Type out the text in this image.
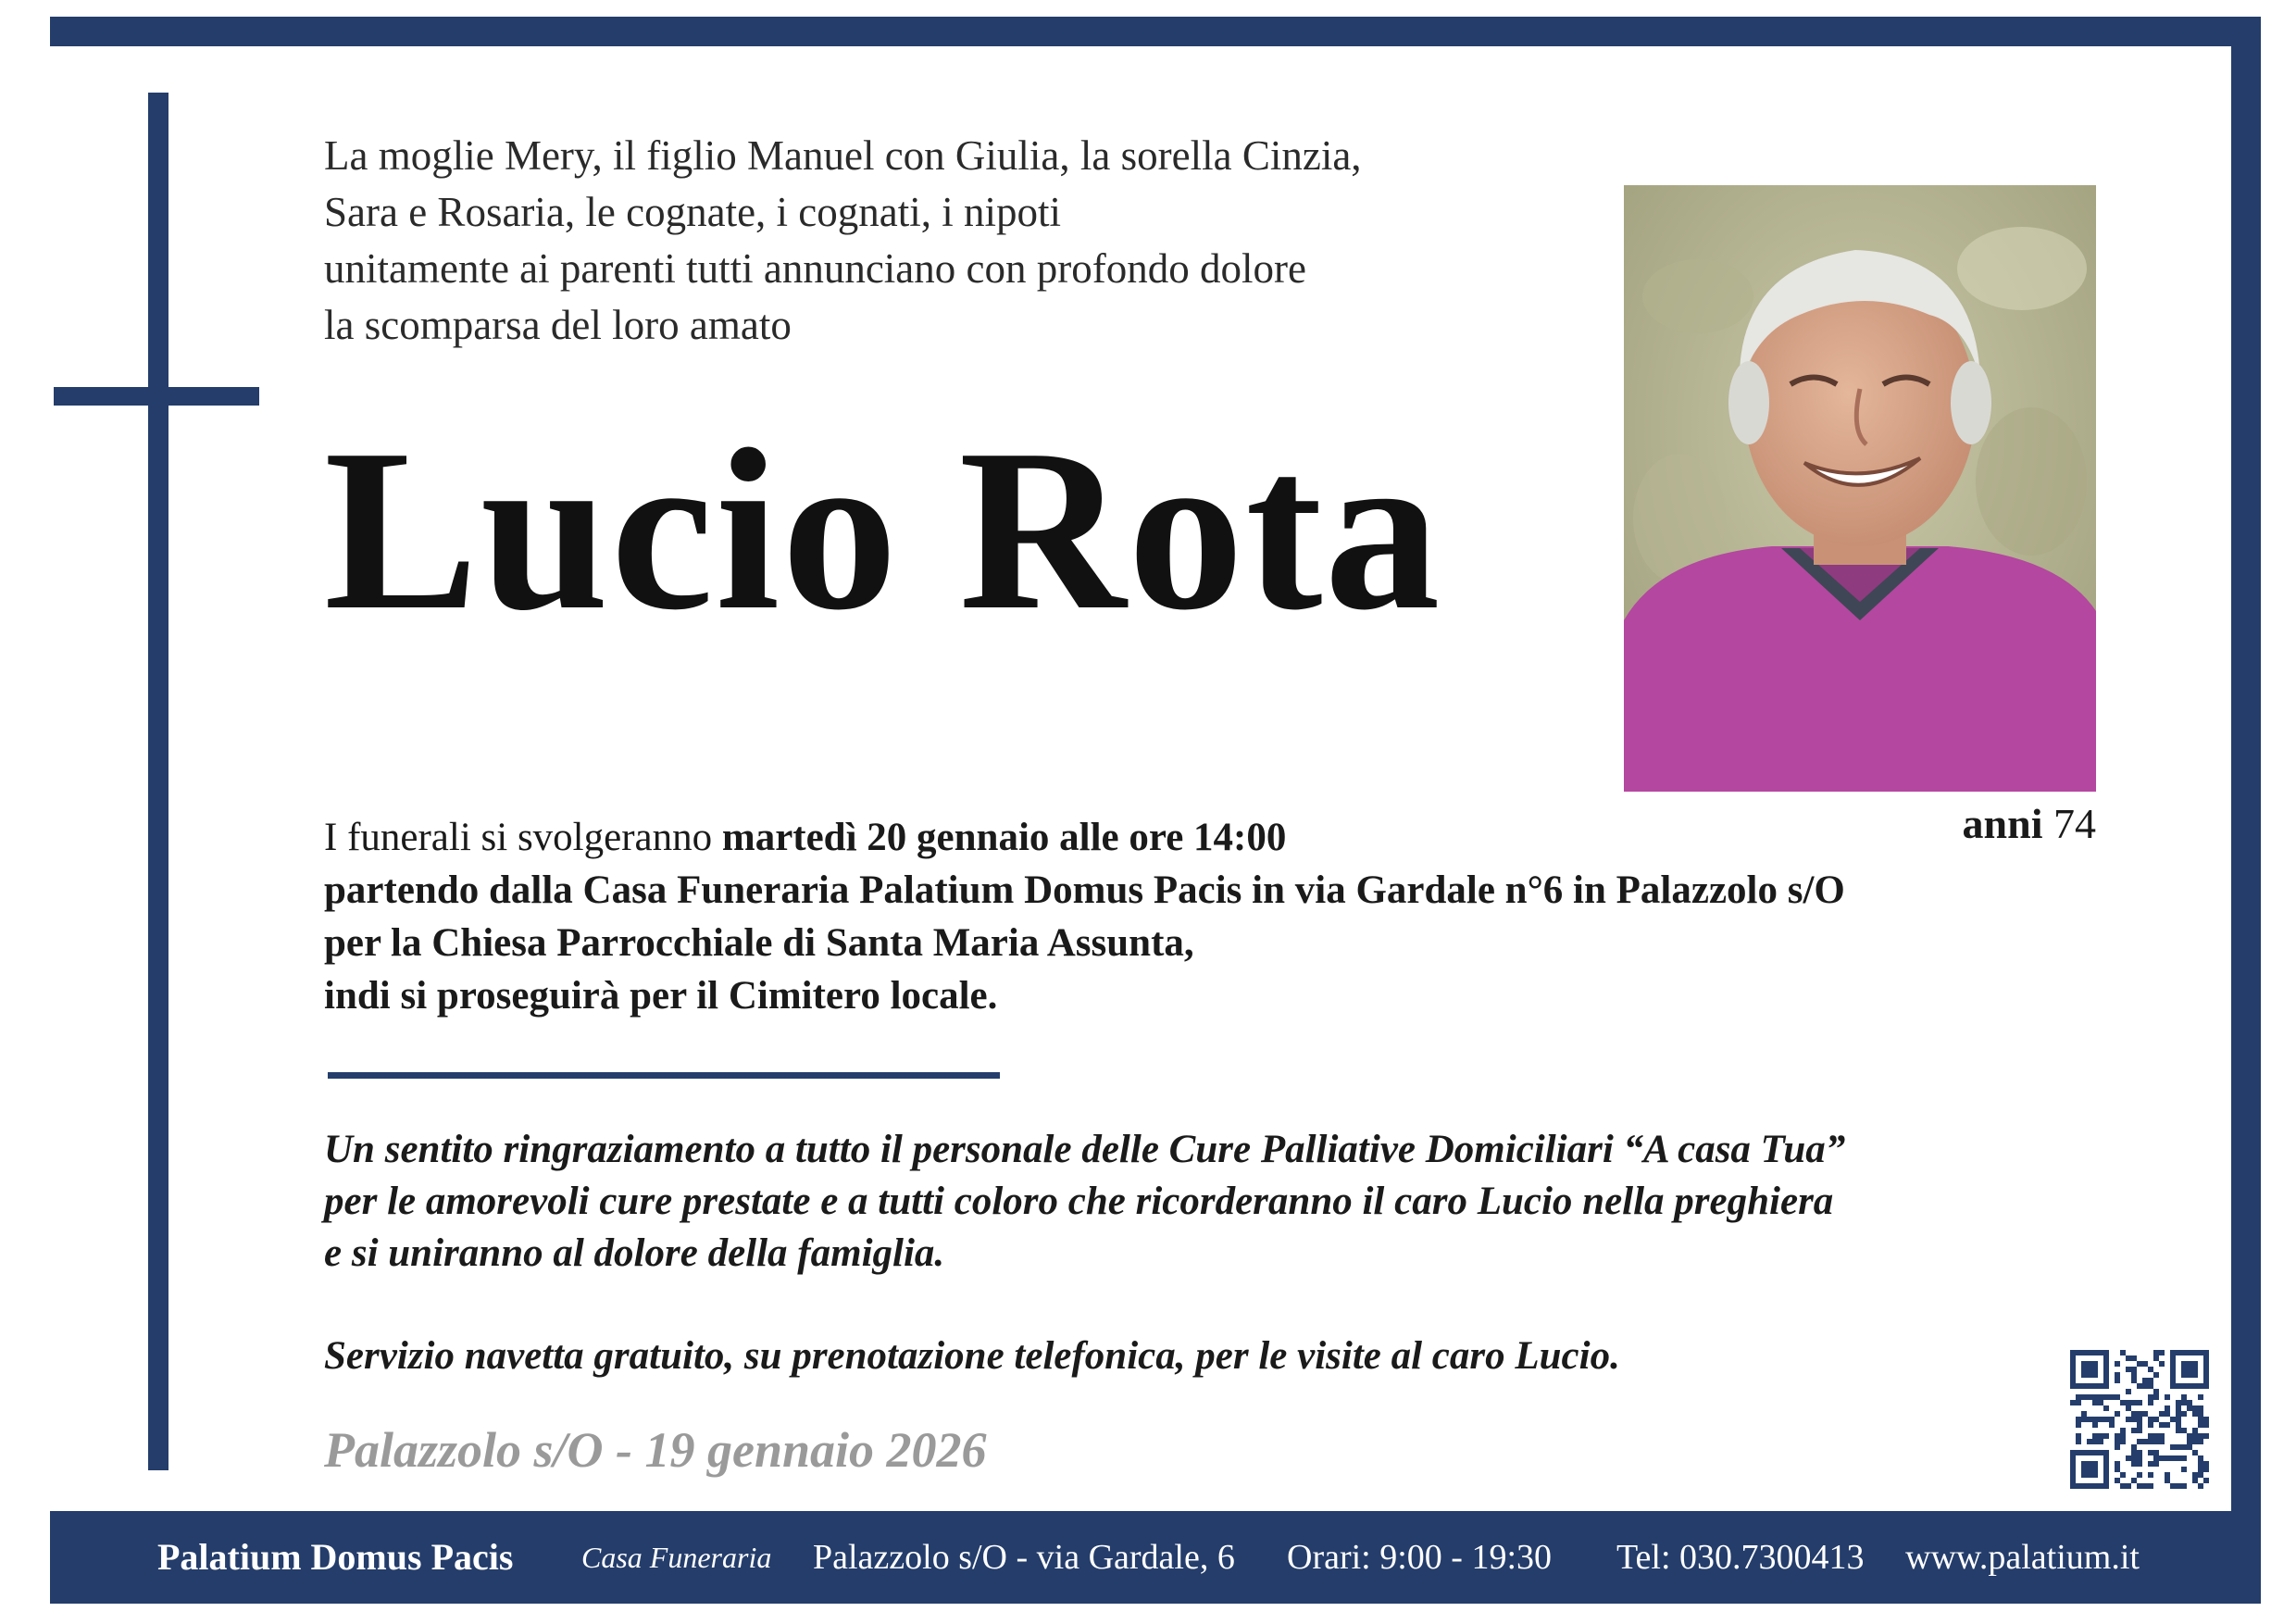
La moglie Mery, il figlio Manuel con Giulia, la sorella Cinzia,
Sara e Rosaria, le cognate, i cognati, i nipoti
unitamente ai parenti tutti annunciano con profondo dolore
la scomparsa del loro amato
Lucio Rota
anni 74
I funerali si svolgeranno martedì 20 gennaio alle ore 14:00
partendo dalla Casa Funeraria Palatium Domus Pacis in via Gardale n°6 in Palazzolo s/O
per la Chiesa Parrocchiale di Santa Maria Assunta,
indi si proseguirà per il Cimitero locale.
Un sentito ringraziamento a tutto il personale delle Cure Palliative Domiciliari “A casa Tua”
per le amorevoli cure prestate e a tutti coloro che ricorderanno il caro Lucio nella preghiera
e si uniranno al dolore della famiglia.
Servizio navetta gratuito, su prenotazione telefonica, per le visite al caro Lucio.
Palazzolo s/O - 19 gennaio 2026
Palatium Domus Pacis Casa Funeraria Palazzolo s/O - via Gardale, 6 Orari: 9:00 - 19:30 Tel: 030.7300413 www.palatium.it
